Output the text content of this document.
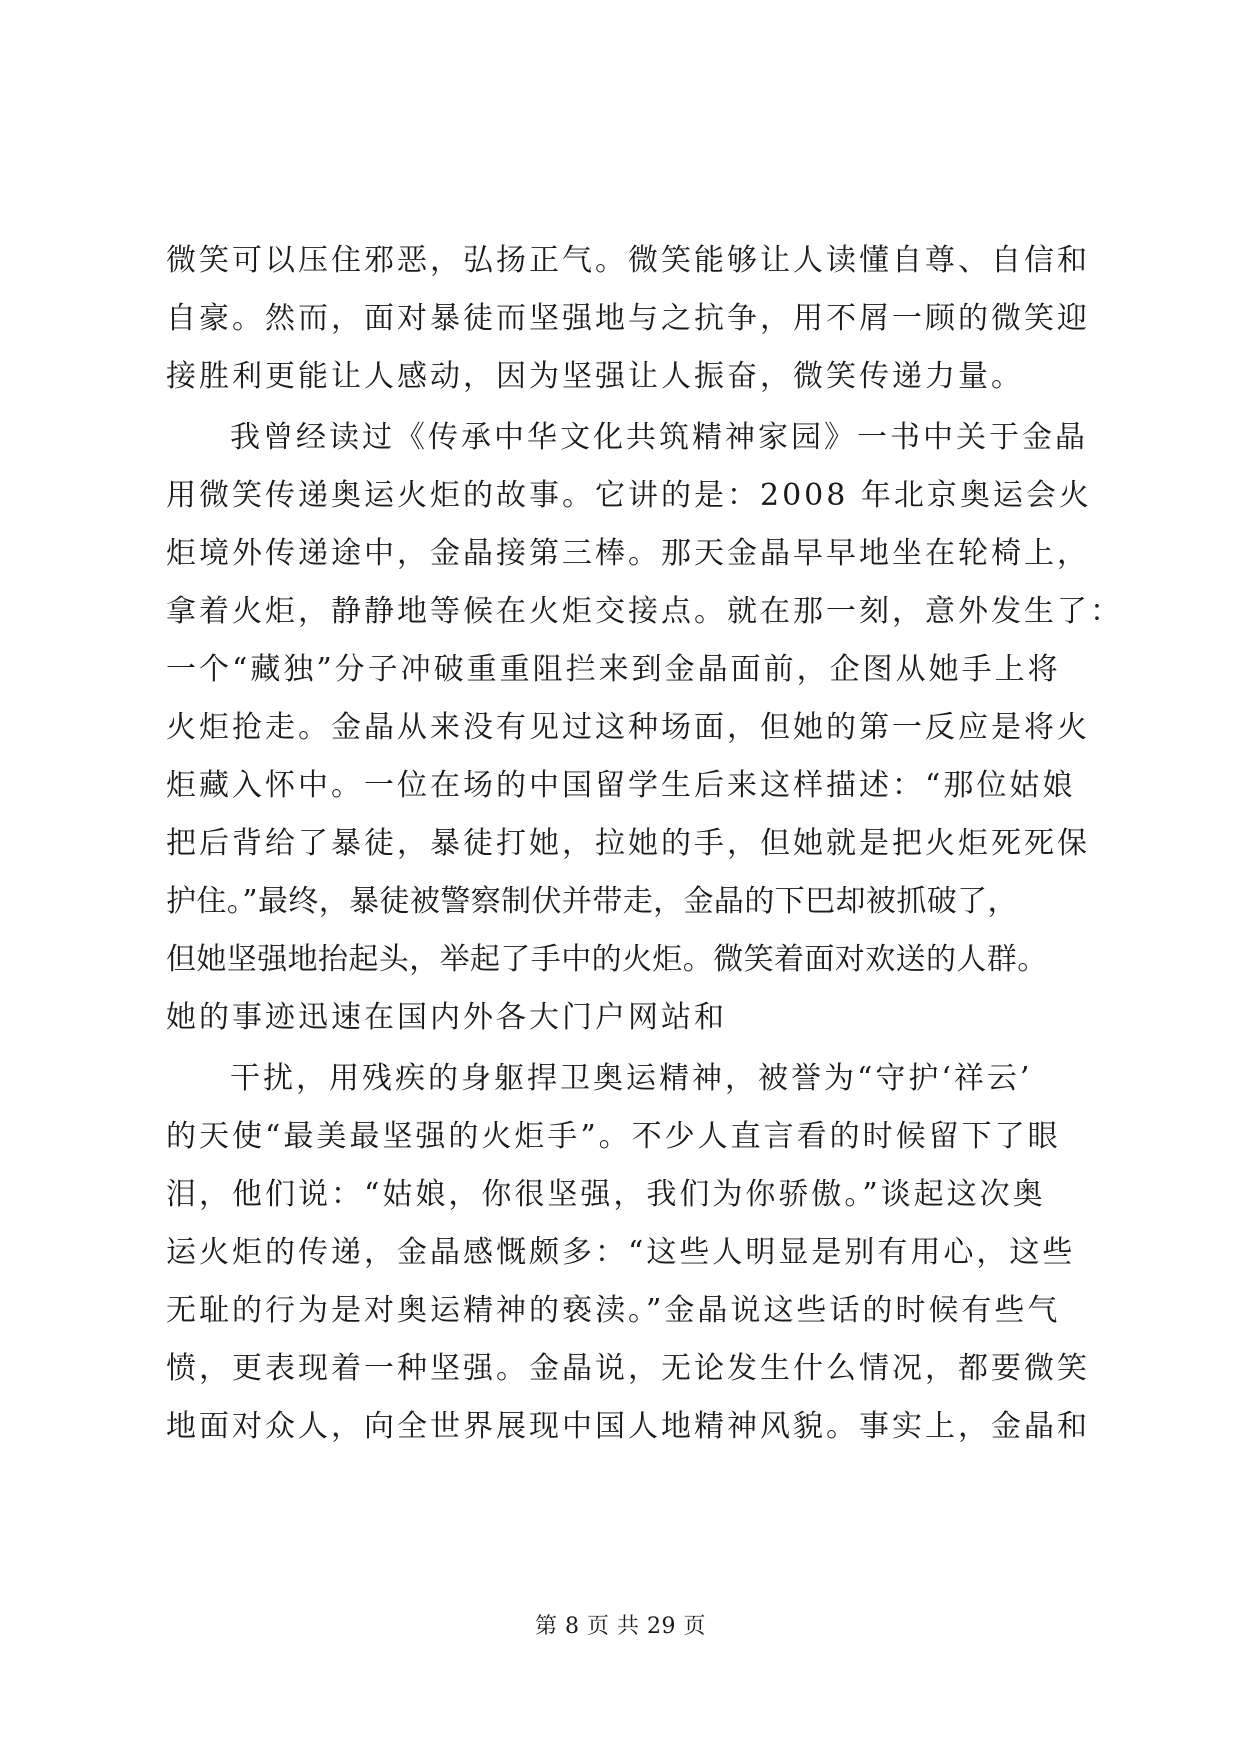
微笑可以压住邪恶，弘扬正气。微笑能够让人读懂自尊、自信和
自豪。然而，面对暴徒而坚强地与之抗争，用不屑一顾的微笑迎
接胜利更能让人感动，因为坚强让人振奋，微笑传递力量。
我曾经读过《传承中华文化共筑精神家园》一书中关于金晶
用微笑传递奥运火炬的故事。它讲的是：2008 年北京奥运会火
炬境外传递途中，金晶接第三棒。那天金晶早早地坐在轮椅上，
拿着火炬，静静地等候在火炬交接点。就在那一刻，意外发生了：
一个“藏独”分子冲破重重阻拦来到金晶面前，企图从她手上将
火炬抢走。金晶从来没有见过这种场面，但她的第一反应是将火
炬藏入怀中。一位在场的中国留学生后来这样描述：“那位姑娘
把后背给了暴徒，暴徒打她，拉她的手，但她就是把火炬死死保
护住。”最终，暴徒被警察制伏并带走，金晶的下巴却被抓破了，
但她坚强地抬起头，举起了手中的火炬。微笑着面对欢送的人群。
她的事迹迅速在国内外各大门户网站和
干扰，用残疾的身躯捍卫奥运精神，被誉为“守护‘祥云’
的天使“最美最坚强的火炬手”。不少人直言看的时候留下了眼
泪，他们说：“姑娘，你很坚强，我们为你骄傲。”谈起这次奥
运火炬的传递，金晶感慨颇多：“这些人明显是别有用心，这些
无耻的行为是对奥运精神的亵渎。”金晶说这些话的时候有些气
愤，更表现着一种坚强。金晶说，无论发生什么情况，都要微笑
地面对众人，向全世界展现中国人地精神风貌。事实上，金晶和
第 8 页 共 29 页
